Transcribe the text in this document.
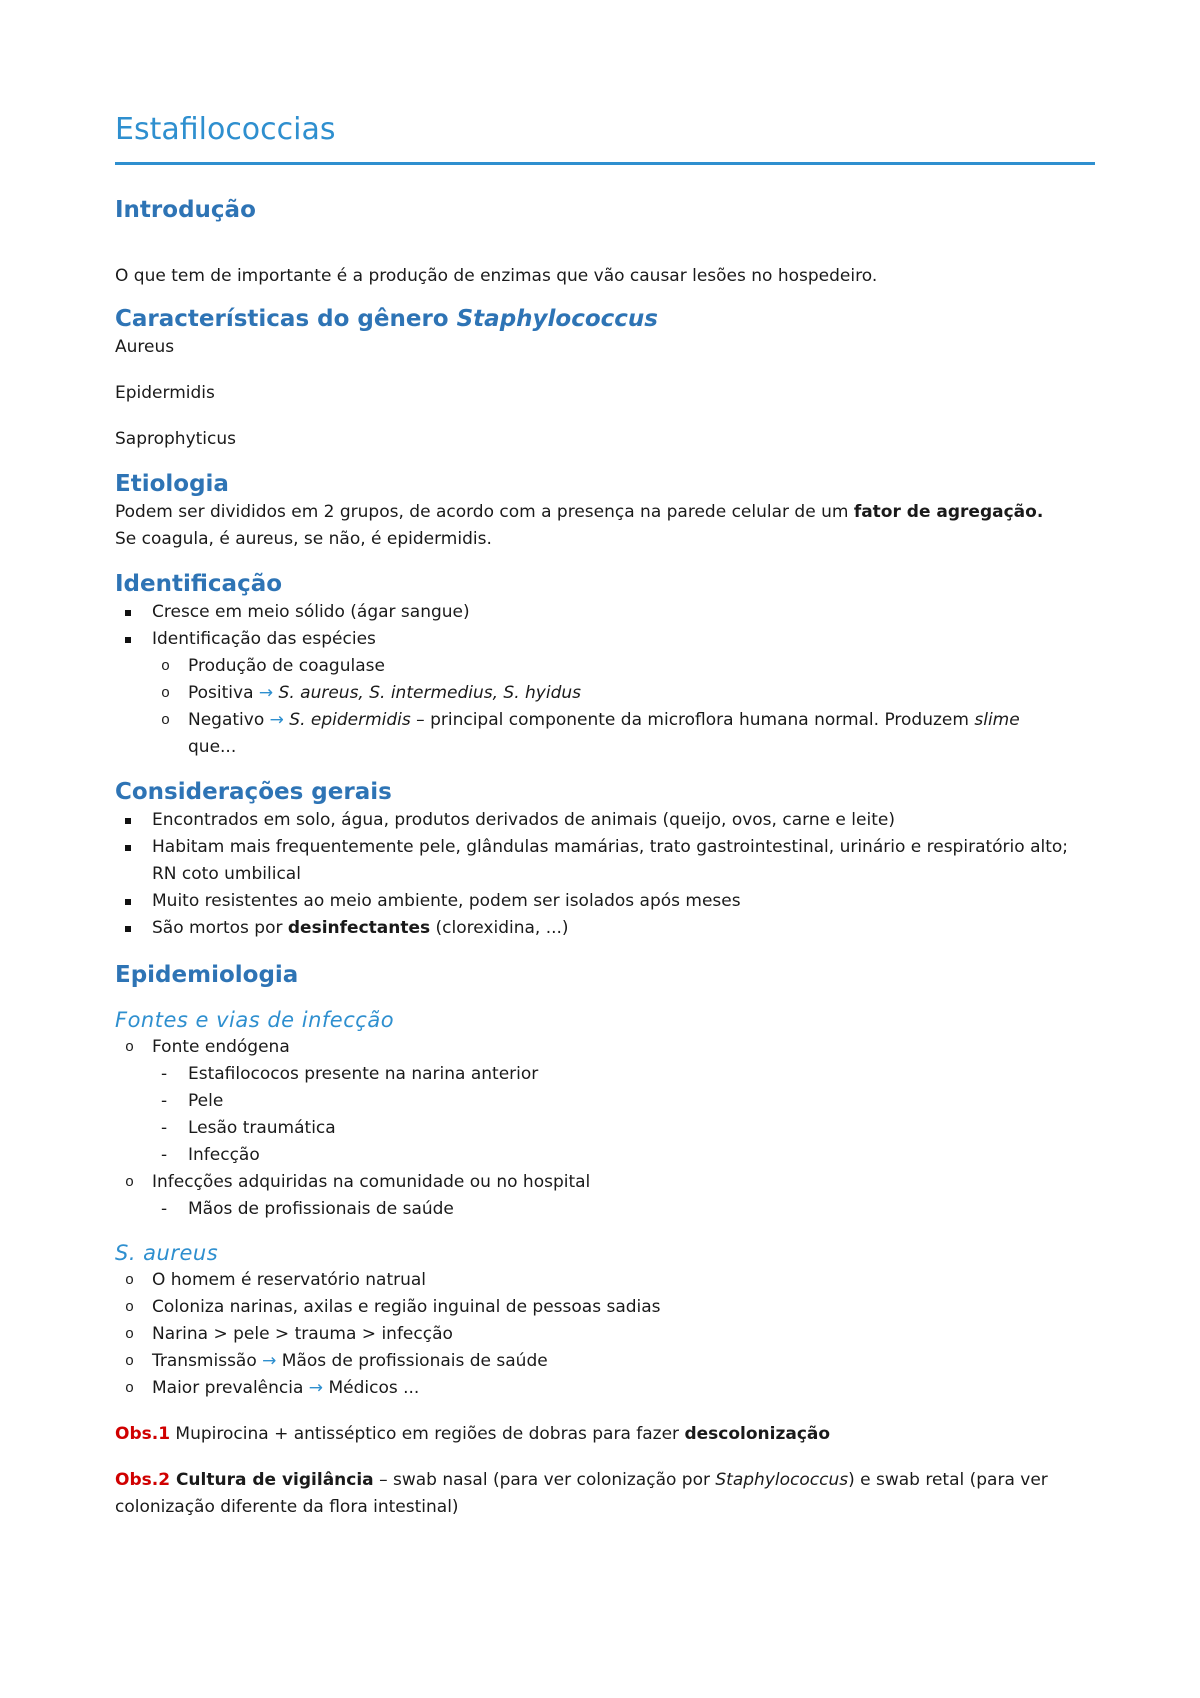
Estafilococcias
Introdução

O que tem de importante é a produção de enzimas que vão causar lesões no hospedeiro.

Características do gênero Staphylococcus

Aureus

Epidermidis

Saprophyticus

Etiologia

Podem ser divididos em 2 grupos, de acordo com a presença na parede celular de um fator de agregação.

Se coagula, é aureus, se não, é epidermidis.

Identificação
Cresce em meio sólido (ágar sangue)
Identificação das espécies
o Produção de coagulase
o Positiva → S. aureus, S. intermedius, S. hyidus
o Negativo → S. epidermidis – principal componente da microflora humana normal. Produzem slime
que...
Considerações gerais
Encontrados em solo, água, produtos derivados de animais (queijo, ovos, carne e leite)
Habitam mais frequentemente pele, glândulas mamárias, trato gastrointestinal, urinário e respiratório alto; RN coto umbilical
Muito resistentes ao meio ambiente, podem ser isolados após meses
São mortos por desinfectantes (clorexidina, ...)
Epidemiologia
Fontes e vias de infecção
o Fonte endógena
- Estafilococos presente na narina anterior
- Pele
- Lesão traumática
- Infecção
o Infecções adquiridas na comunidade ou no hospital
- Mãos de profissionais de saúde
S. aureus
o O homem é reservatório natrual
o Coloniza narinas, axilas e região inguinal de pessoas sadias
o Narina > pele > trauma > infecção
o Transmissão → Mãos de profissionais de saúde
o Maior prevalência → Médicos ...

Obs.1 Mupirocina + antisséptico em regiões de dobras para fazer descolonização

Obs.2 Cultura de vigilância – swab nasal (para ver colonização por Staphylococcus) e swab retal (para ver colonização diferente da flora intestinal)
